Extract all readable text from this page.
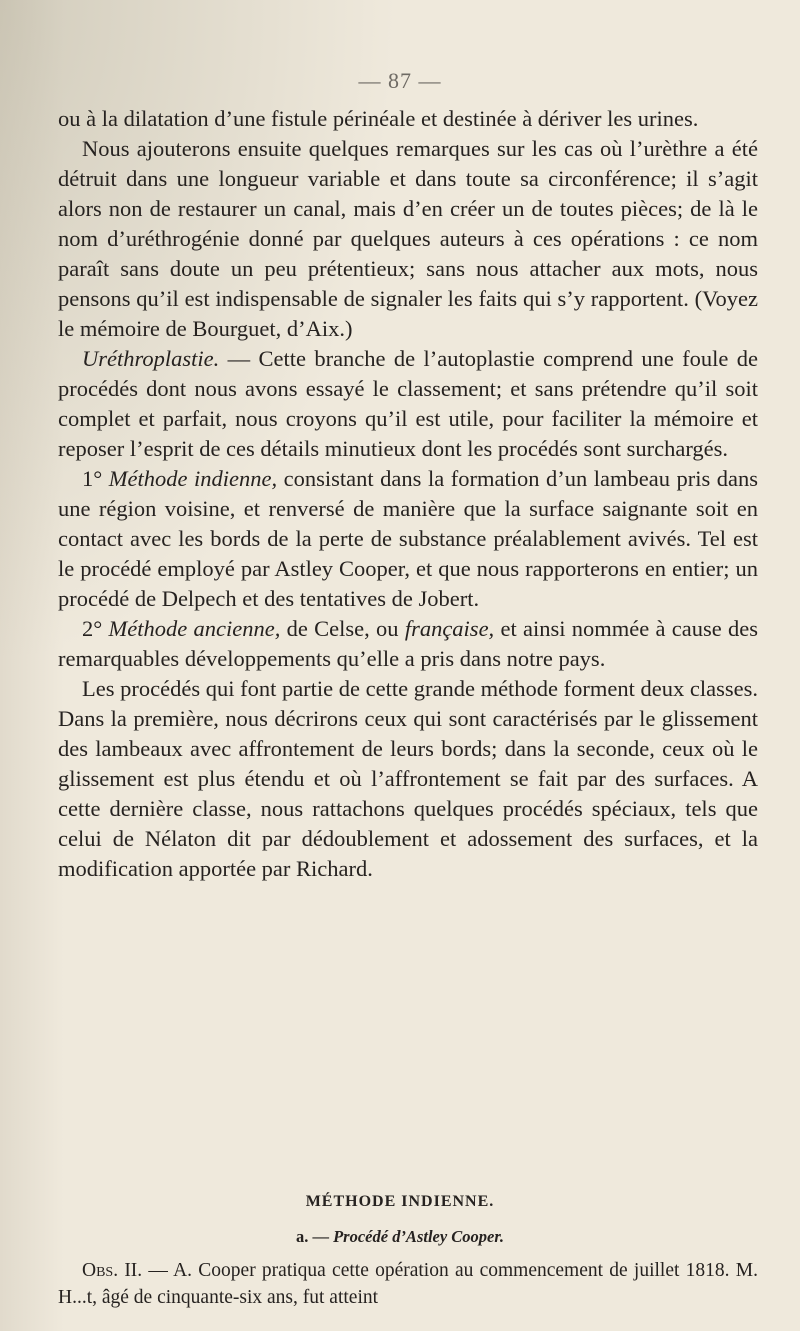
— 87 —

ou à la dilatation d’une fistule périnéale et destinée à dériver les urines.

Nous ajouterons ensuite quelques remarques sur les cas où l’urèthre a été détruit dans une longueur variable et dans toute sa circonférence; il s’agit alors non de restaurer un canal, mais d’en créer un de toutes pièces; de là le nom d’uréthrogénie donné par quelques auteurs à ces opérations : ce nom paraît sans doute un peu prétentieux; sans nous attacher aux mots, nous pensons qu’il est indispensable de signaler les faits qui s’y rapportent. (Voyez le mémoire de Bourguet, d’Aix.)

Uréthroplastie. — Cette branche de l’autoplastie comprend une foule de procédés dont nous avons essayé le classement; et sans prétendre qu’il soit complet et parfait, nous croyons qu’il est utile, pour faciliter la mémoire et reposer l’esprit de ces détails minutieux dont les procédés sont surchargés.

1° Méthode indienne, consistant dans la formation d’un lambeau pris dans une région voisine, et renversé de manière que la surface saignante soit en contact avec les bords de la perte de substance préalablement avivés. Tel est le procédé employé par Astley Cooper, et que nous rapporterons en entier; un procédé de Delpech et des tentatives de Jobert.

2° Méthode ancienne, de Celse, ou française, et ainsi nommée à cause des remarquables développements qu’elle a pris dans notre pays.

Les procédés qui font partie de cette grande méthode forment deux classes. Dans la première, nous décrirons ceux qui sont caractérisés par le glissement des lambeaux avec affrontement de leurs bords; dans la seconde, ceux où le glissement est plus étendu et où l’affrontement se fait par des surfaces. A cette dernière classe, nous rattachons quelques procédés spéciaux, tels que celui de Nélaton dit par dédoublement et adossement des surfaces, et la modification apportée par Richard.

MÉTHODE INDIENNE.
a. — Procédé d’Astley Cooper.

Obs. II. — A. Cooper pratiqua cette opération au commencement de juillet 1818. M. H...t, âgé de cinquante-six ans, fut atteint
